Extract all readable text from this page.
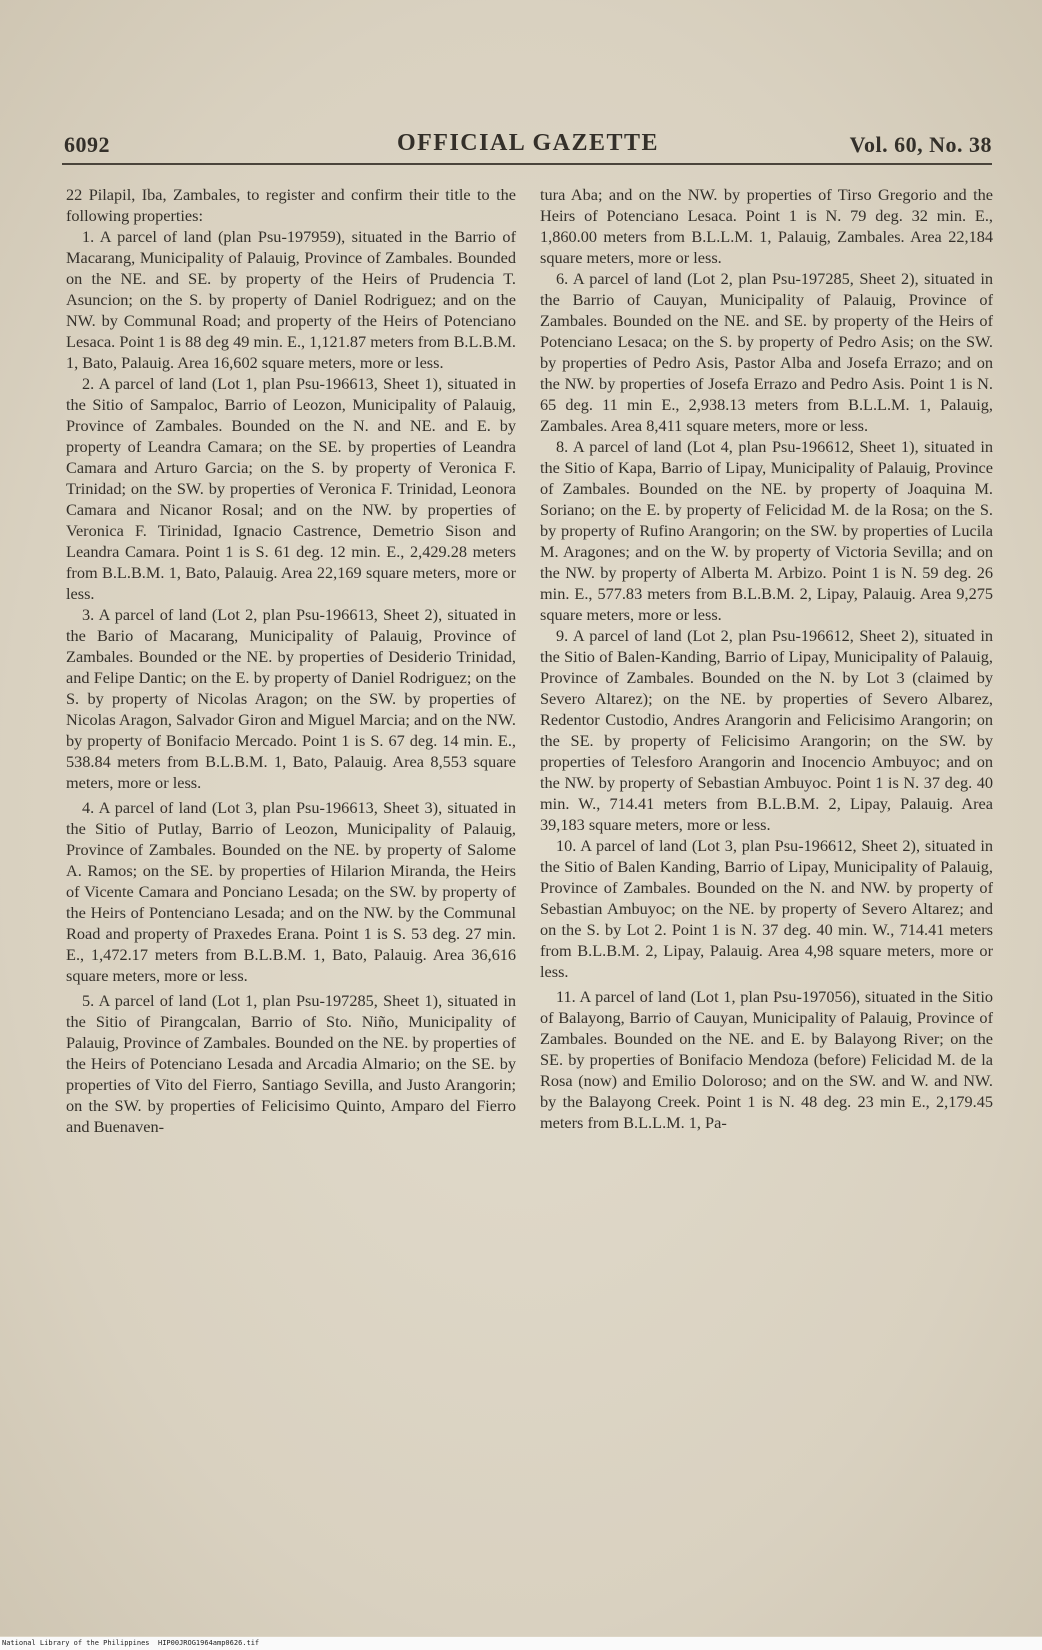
6092	OFFICIAL GAZETTE	Vol. 60, No. 38

22 Pilapil, Iba, Zambales, to register and confirm their title to the following properties:

1. A parcel of land (plan Psu-197959), situated in the Barrio of Macarang, Municipality of Palauig, Province of Zambales. Bounded on the NE. and SE. by property of the Heirs of Prudencia T. Asuncion; on the S. by property of Daniel Rodriguez; and on the NW. by Communal Road; and property of the Heirs of Potenciano Lesaca. Point 1 is 88 deg 49 min. E., 1,121.87 meters from B.L.B.M. 1, Bato, Palauig. Area 16,602 square meters, more or less.

2. A parcel of land (Lot 1, plan Psu-196613, Sheet 1), situated in the Sitio of Sampaloc, Barrio of Leozon, Municipality of Palauig, Province of Zambales. Bounded on the N. and NE. and E. by property of Leandra Camara; on the SE. by properties of Leandra Camara and Arturo Garcia; on the S. by property of Veronica F. Trinidad; on the SW. by properties of Veronica F. Trinidad, Leonora Camara and Nicanor Rosal; and on the NW. by properties of Veronica F. Tirinidad, Ignacio Castrence, Demetrio Sison and Leandra Camara. Point 1 is S. 61 deg. 12 min. E., 2,429.28 meters from B.L.B.M. 1, Bato, Palauig. Area 22,169 square meters, more or less.

3. A parcel of land (Lot 2, plan Psu-196613, Sheet 2), situated in the Bario of Macarang, Municipality of Palauig, Province of Zambales. Bounded or the NE. by properties of Desiderio Trinidad, and Felipe Dantic; on the E. by property of Daniel Rodriguez; on the S. by property of Nicolas Aragon; on the SW. by properties of Nicolas Aragon, Salvador Giron and Miguel Marcia; and on the NW. by property of Bonifacio Mercado. Point 1 is S. 67 deg. 14 min. E., 538.84 meters from B.L.B.M. 1, Bato, Palauig. Area 8,553 square meters, more or less.

4. A parcel of land (Lot 3, plan Psu-196613, Sheet 3), situated in the Sitio of Putlay, Barrio of Leozon, Municipality of Palauig, Province of Zambales. Bounded on the NE. by property of Salome A. Ramos; on the SE. by properties of Hilarion Miranda, the Heirs of Vicente Camara and Ponciano Lesada; on the SW. by property of the Heirs of Pontenciano Lesada; and on the NW. by the Communal Road and property of Praxedes Erana. Point 1 is S. 53 deg. 27 min. E., 1,472.17 meters from B.L.B.M. 1, Bato, Palauig. Area 36,616 square meters, more or less.

5. A parcel of land (Lot 1, plan Psu-197285, Sheet 1), situated in the Sitio of Pirangcalan, Barrio of Sto. Niño, Municipality of Palauig, Province of Zambales. Bounded on the NE. by properties of the Heirs of Potenciano Lesada and Arcadia Almario; on the SE. by properties of Vito del Fierro, Santiago Sevilla, and Justo Arangorin; on the SW. by properties of Felicisimo Quinto, Amparo del Fierro and Buenaven-

tura Aba; and on the NW. by properties of Tirso Gregorio and the Heirs of Potenciano Lesaca. Point 1 is N. 79 deg. 32 min. E., 1,860.00 meters from B.L.L.M. 1, Palauig, Zambales. Area 22,184 square meters, more or less.

6. A parcel of land (Lot 2, plan Psu-197285, Sheet 2), situated in the Barrio of Cauyan, Municipality of Palauig, Province of Zambales. Bounded on the NE. and SE. by property of the Heirs of Potenciano Lesaca; on the S. by property of Pedro Asis; on the SW. by properties of Pedro Asis, Pastor Alba and Josefa Errazo; and on the NW. by properties of Josefa Errazo and Pedro Asis. Point 1 is N. 65 deg. 11 min E., 2,938.13 meters from B.L.L.M. 1, Palauig, Zambales. Area 8,411 square meters, more or less.

8. A parcel of land (Lot 4, plan Psu-196612, Sheet 1), situated in the Sitio of Kapa, Barrio of Lipay, Municipality of Palauig, Province of Zambales. Bounded on the NE. by property of Joaquina M. Soriano; on the E. by property of Felicidad M. de la Rosa; on the S. by property of Rufino Arangorin; on the SW. by properties of Lucila M. Aragones; and on the W. by property of Victoria Sevilla; and on the NW. by property of Alberta M. Arbizo. Point 1 is N. 59 deg. 26 min. E., 577.83 meters from B.L.B.M. 2, Lipay, Palauig. Area 9,275 square meters, more or less.

9. A parcel of land (Lot 2, plan Psu-196612, Sheet 2), situated in the Sitio of Balen-Kanding, Barrio of Lipay, Municipality of Palauig, Province of Zambales. Bounded on the N. by Lot 3 (claimed by Severo Altarez); on the NE. by properties of Severo Albarez, Redentor Custodio, Andres Arangorin and Felicisimo Arangorin; on the SE. by property of Felicisimo Arangorin; on the SW. by properties of Telesforo Arangorin and Inocencio Ambuyoc; and on the NW. by property of Sebastian Ambuyoc. Point 1 is N. 37 deg. 40 min. W., 714.41 meters from B.L.B.M. 2, Lipay, Palauig. Area 39,183 square meters, more or less.

10. A parcel of land (Lot 3, plan Psu-196612, Sheet 2), situated in the Sitio of Balen Kanding, Barrio of Lipay, Municipality of Palauig, Province of Zambales. Bounded on the N. and NW. by property of Sebastian Ambuyoc; on the NE. by property of Severo Altarez; and on the S. by Lot 2. Point 1 is N. 37 deg. 40 min. W., 714.41 meters from B.L.B.M. 2, Lipay, Palauig. Area 4,98 square meters, more or less.

11. A parcel of land (Lot 1, plan Psu-197056), situated in the Sitio of Balayong, Barrio of Cauyan, Municipality of Palauig, Province of Zambales. Bounded on the NE. and E. by Balayong River; on the SE. by properties of Bonifacio Mendoza (before) Felicidad M. de la Rosa (now) and Emilio Doloroso; and on the SW. and W. and NW. by the Balayong Creek. Point 1 is N. 48 deg. 23 min E., 2,179.45 meters from B.L.L.M. 1, Pa-

National Library of the Philippines HIP00JROG1964amp0626.tif
